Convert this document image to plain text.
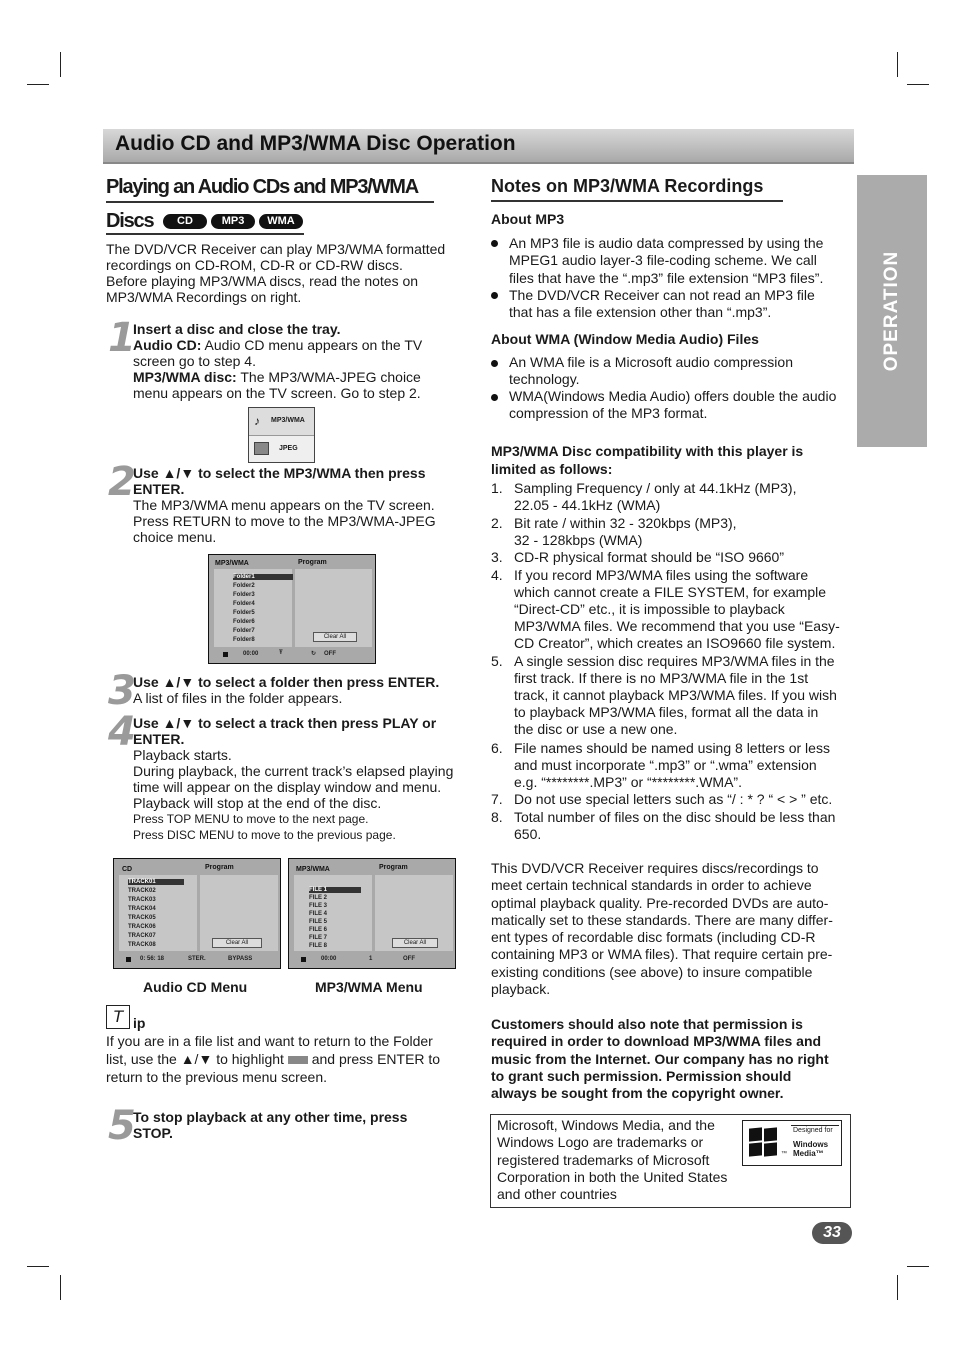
Audio CD and MP3/WMA Disc Operation
OPERATION
Playing an Audio CDs and MP3/WMA
Discs	CD	MP3	WMA
The DVD/VCR Receiver can play MP3/WMA formatted
recordings on CD-ROM, CD-R or CD-RW discs.
Before playing MP3/WMA discs, read the notes on
MP3/WMA Recordings on right.
1
Insert a disc and close the tray.
Audio CD: Audio CD menu appears on the TV
screen go to step 4.
MP3/WMA disc: The MP3/WMA-JPEG choice
menu appears on the TV screen. Go to step 2.
♪ MP3/WMA
JPEG
2
Use ▲/▼ to select the MP3/WMA then press
ENTER.
The MP3/WMA menu appears on the TV screen.
Press RETURN to move to the MP3/WMA-JPEG
choice menu.
MP3/WMA	Program
Clear All
00:00	Ŧ	↻ OFF
Folder1
Folder2
Folder3
Folder4
Folder5
Folder6
Folder7
Folder8
3
Use ▲/▼ to select a folder then press ENTER.
A list of files in the folder appears.
4
Use ▲/▼ to select a track then press PLAY or
ENTER.
Playback starts.
During playback, the current track’s elapsed playing
time will appear on the display window and menu.
Playback will stop at the end of the disc.
Press TOP MENU to move to the next page.
Press DISC MENU to move to the previous page.
CD	Program
Clear All
0: 56: 18	STER.	BYPASS
TRACK01
TRACK02
TRACK03
TRACK04
TRACK05
TRACK06
TRACK07
TRACK08
Audio CD Menu
MP3/WMA	Program
Clear All
00:00	1	OFF
FILE 1
FILE 2
FILE 3
FILE 4
FILE 5
FILE 6
FILE 7
FILE 8
MP3/WMA Menu
T ip
If you are in a file list and want to return to the Folder
list, use the ▲/▼ to highlight and press ENTER to
return to the previous menu screen.
5
To stop playback at any other time, press
STOP.
Notes on MP3/WMA Recordings
About MP3
An MP3 file is audio data compressed by using the
MPEG1 audio layer-3 file-coding scheme. We call
files that have the “.mp3” file extension “MP3 files”.
The DVD/VCR Receiver can not read an MP3 file
that has a file extension other than “.mp3”.
About WMA (Window Media Audio) Files
An WMA file is a Microsoft audio compression
technology.
WMA(Windows Media Audio) offers double the audio
compression of the MP3 format.
MP3/WMA Disc compatibility with this player is
limited as follows:
1. Sampling Frequency / only at 44.1kHz (MP3),
22.05 - 44.1kHz (WMA)
2. Bit rate / within 32 - 320kbps (MP3),
32 - 128kbps (WMA)
3. CD-R physical format should be “ISO 9660”
4. If you record MP3/WMA files using the software
which cannot create a FILE SYSTEM, for example
“Direct-CD” etc., it is impossible to playback
MP3/WMA files. We recommend that you use “Easy-
CD Creator”, which creates an ISO9660 file system.
5. A single session disc requires MP3/WMA files in the
first track. If there is no MP3/WMA file in the 1st
track, it cannot playback MP3/WMA files. If you wish
to playback MP3/WMA files, format all the data in
the disc or use a new one.
6. File names should be named using 8 letters or less
and must incorporate “.mp3” or “.wma” extension
e.g. “********.MP3” or “********.WMA”.
7. Do not use special letters such as “/ : * ? “ < > ” etc.
8. Total number of files on the disc should be less than
650.
This DVD/VCR Receiver requires discs/recordings to
meet certain technical standards in order to achieve
optimal playback quality. Pre-recorded DVDs are auto-
matically set to these standards. There are many differ-
ent types of recordable disc formats (including CD-R
containing MP3 or WMA files). That require certain pre-
existing conditions (see above) to insure compatible
playback.
Customers should also note that permission is
required in order to download MP3/WMA files and
music from the Internet. Our company has no right
to grant such permission. Permission should
always be sought from the copyright owner.
Microsoft, Windows Media, and the
Windows Logo are trademarks or
registered trademarks of Microsoft
Corporation in both the United States
and other countries
™
Designed for
Windows
Media™
33
